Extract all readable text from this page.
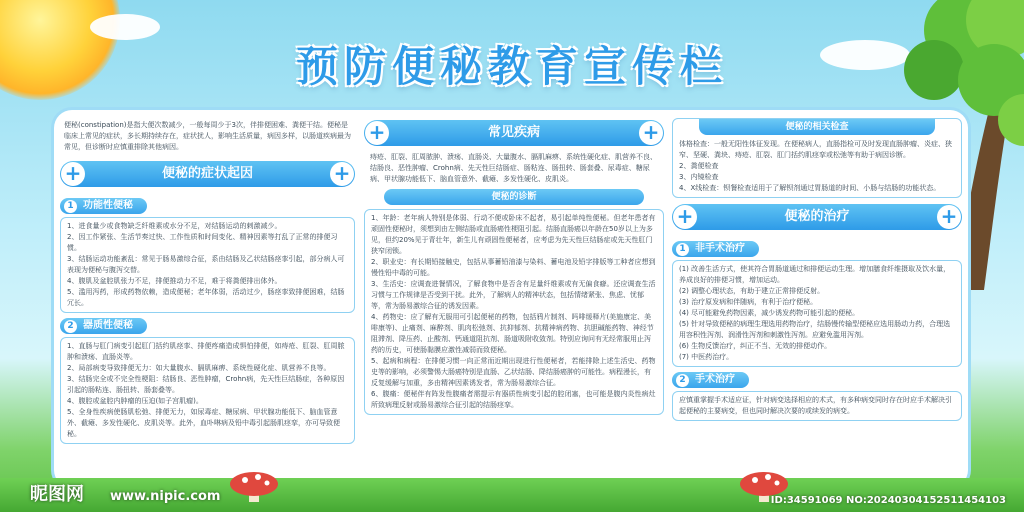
预防便秘教育宣传栏

便秘(constipation)是指大便次数减少，一般每周少于3次，伴排便困难、粪便干结。便秘是临床上常见的症状，多长期持续存在，症状扰人，影响生活质量，病因多样，以肠道疾病最为常见，但诊断时应慎重排除其他病因。

+	便秘的症状起因	+
1 功能性便秘

1、进食量少或食物缺乏纤维素或水分不足，对结肠运动的刺激减少。

2、因工作紧张、生活节奏过快、工作性质和时间变化、精神因素等打乱了正常的排便习惯。

3、结肠运动功能紊乱：常见于肠易激综合征，系由结肠及乙状结肠痉挛引起，部分病人可表现为便秘与腹泻交替。

4、腹肌及盆腔肌张力不足，排便推动力不足，难于将粪便排出体外。

5、滥用泻药，形成药物依赖，造成便秘；老年体弱，活动过少，肠痉挛致排便困难，结肠冗长。

2 器质性便秘

1、直肠与肛门病变引起肛门括约肌痉挛、排便疼痛造成惧怕排便，如痔疮、肛裂、肛周脓肿和溃疡、直肠炎等。

2、局部病变导致排便无力：如大量腹水、膈肌麻痹、系统性硬化症、肌营养不良等。

3、结肠完全或不完全性梗阻：结肠良、恶性肿瘤，Crohn病，先天性巨结肠症，各种原因引起的肠粘连、肠扭转、肠套叠等。

4、腹腔或盆腔内肿瘤的压迫(如子宫肌瘤)。

5、全身性疾病使肠肌松弛、排便无力，如尿毒症、糖尿病、甲状腺功能低下、脑血管意外、截瘫、多发性硬化、皮肌炎等。此外，血卟啉病及铅中毒引起肠肌痉挛，亦可导致便秘。

+	常见疾病	+

痔疮、肛裂、肛周脓肿、溃疡、直肠炎、大量腹水、膈肌麻痹、系统性硬化症、肌营养不良、结肠良、恶性肿瘤、Crohn病、先天性巨结肠症、肠粘连、肠扭转、肠套叠、尿毒症、糖尿病、甲状腺功能低下、脑血管意外、截瘫、多发性硬化、皮肌炎。

便秘的诊断

1、年龄：老年病人特别是体弱、行动不便或卧床不起者，易引起单纯性便秘。但老年患者有顽固性便秘时，须想到由左侧结肠或直肠癌性梗阻引起。结肠直肠癌以年龄在50岁以上为多见，但约20%见于青壮年，新生儿有顽固性便秘者，应考虑为先天性巨结肠症或先天性肛门狭窄闭锁。

2、职业史：有长期铅接触史，包括从事蓄铅油漆与染料、蓄电池及铅字排版等工种者应想到慢性铅中毒的可能。

3、生活史：应调查进餐情况，了解食物中是否含有足量纤维素或有无偏食癖。还应调查生活习惯与工作规律是否受到干扰。此外，了解病人的精神状态，包括情绪紧张、焦虑、忧郁等，常为肠易激综合征的诱发因素。

4、药物史：应了解有无服用可引起便秘的药物，包括鸦片制剂、吗啡缓释片(美施康定、美啡康等)、止痛剂、麻醉剂、肌肉松弛剂、抗抑郁剂、抗精神病药物、抗胆碱能药物、神经节阻滞剂、降压药、止酸剂、钙通道阻抗剂、肠道吸附收敛剂。特别应询问有无经常服用止泻药的历史，可使肠黏膜应激性减弱而致便秘。

5、起病和病程：在排便习惯一向正常而近期出现进行性便秘者，若能排除上述生活史、药物史等的影响，必须警惕大肠癌特别是直肠、乙状结肠、降结肠癌肿的可能性。病程漫长，有反复缓解与加重，多由精神因素诱发者，常为肠易激综合征。

6、腹痛：便秘伴有阵发性腹痛者需提示有器质性病变引起的腔闭塞，也可能是腹内炎性病灶所致病理反射或肠易激综合征引起的结肠痉挛。

便秘的相关检查

体格检查：一般无阳性体征发现。在便秘病人，直肠指检可及时发现直肠肿瘤、炎症、狭窄、坚硬、粪块、痔疮、肛裂、肛门括约肌痉挛或松弛等有助于病因诊断。

2、粪便检查

3、内镜检查

4、X线检查：钡餐检查适用于了解钡剂通过胃肠道的时间、小肠与结肠的功能状态。

+	便秘的治疗	+
1 非手术治疗

(1) 改善生活方式，使其符合胃肠道通过和排便运动生理。增加膳食纤维摄取及饮水量，养成良好的排便习惯，增加运动。

(2) 调整心理状态，有助于建立正常排便反射。

(3) 治疗原发病和伴随病，有利于治疗便秘。

(4) 尽可能避免药物因素，减少诱发药物可能引起的便秘。

(5) 针对导致便秘的病理生理选用药物治疗，结肠慢传输型便秘应选用肠动力药，合理选用容积性泻剂、润滑性泻剂和刺激性泻剂。应避免滥用泻剂。

(6) 生物反馈治疗，纠正不当、无效的排便动作。

(7) 中医药治疗。

2 手术治疗

应慎重掌握手术适应证，针对病变选择相应的术式，有多种病变同时存在时应手术解决引起便秘的主要病变，但也同时解决次要的或续发的病变。

昵图网 www.nipic.com	ID:34591069 NO:20240304152511454103
